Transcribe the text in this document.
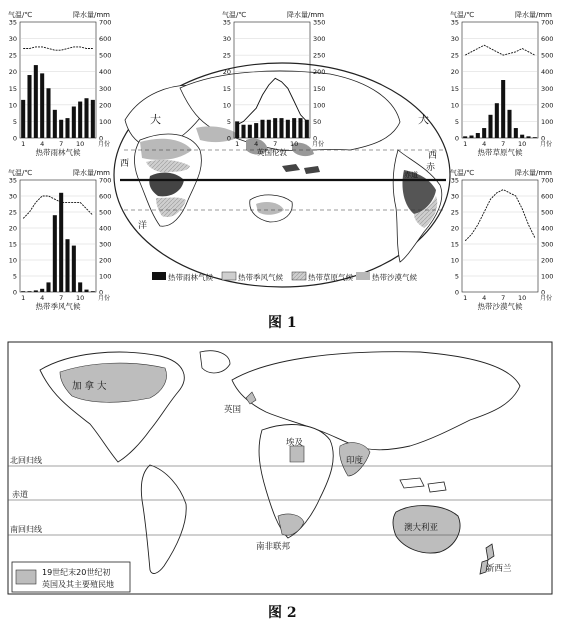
大
西
洋
大
西
赤
赤道
热带雨林气候	热带季风气候	热带草原气候	热带沙漠气候
气温/℃	降水量/mm
35	700
30	600
25	500
20	400
15	300
10	200
5	100
0	0
1 4 7 10 月份
热带雨林气候
气温/℃	降水量/mm
35	350
30	300
25	250
20	200
15	150
10	100
5	50
0	0
1 4 7 10 月份
英国伦敦
气温/℃	降水量/mm
35	700
30	600
25	500
20	400
15	300
10	200
5	100
0	0
1 4 7 10 月份
热带草原气候
气温/℃	降水量/mm
35	700
30	600
25	500
20	400
15	300
10	200
5	100
0	0
1 4 7 10 月份
热带季风气候
气温/℃	降水量/mm
35	700
30	600
25	500
20	400
15	300
10	200
5	100
0	0
1 4 7 10 月份
热带沙漠气候
北回归线
赤道
南回归线
加 拿 大
英国
埃及
印度
南非联邦
澳大利亚
新西兰
19世纪末20世纪初
英国及其主要殖民地
图 1
图 2
